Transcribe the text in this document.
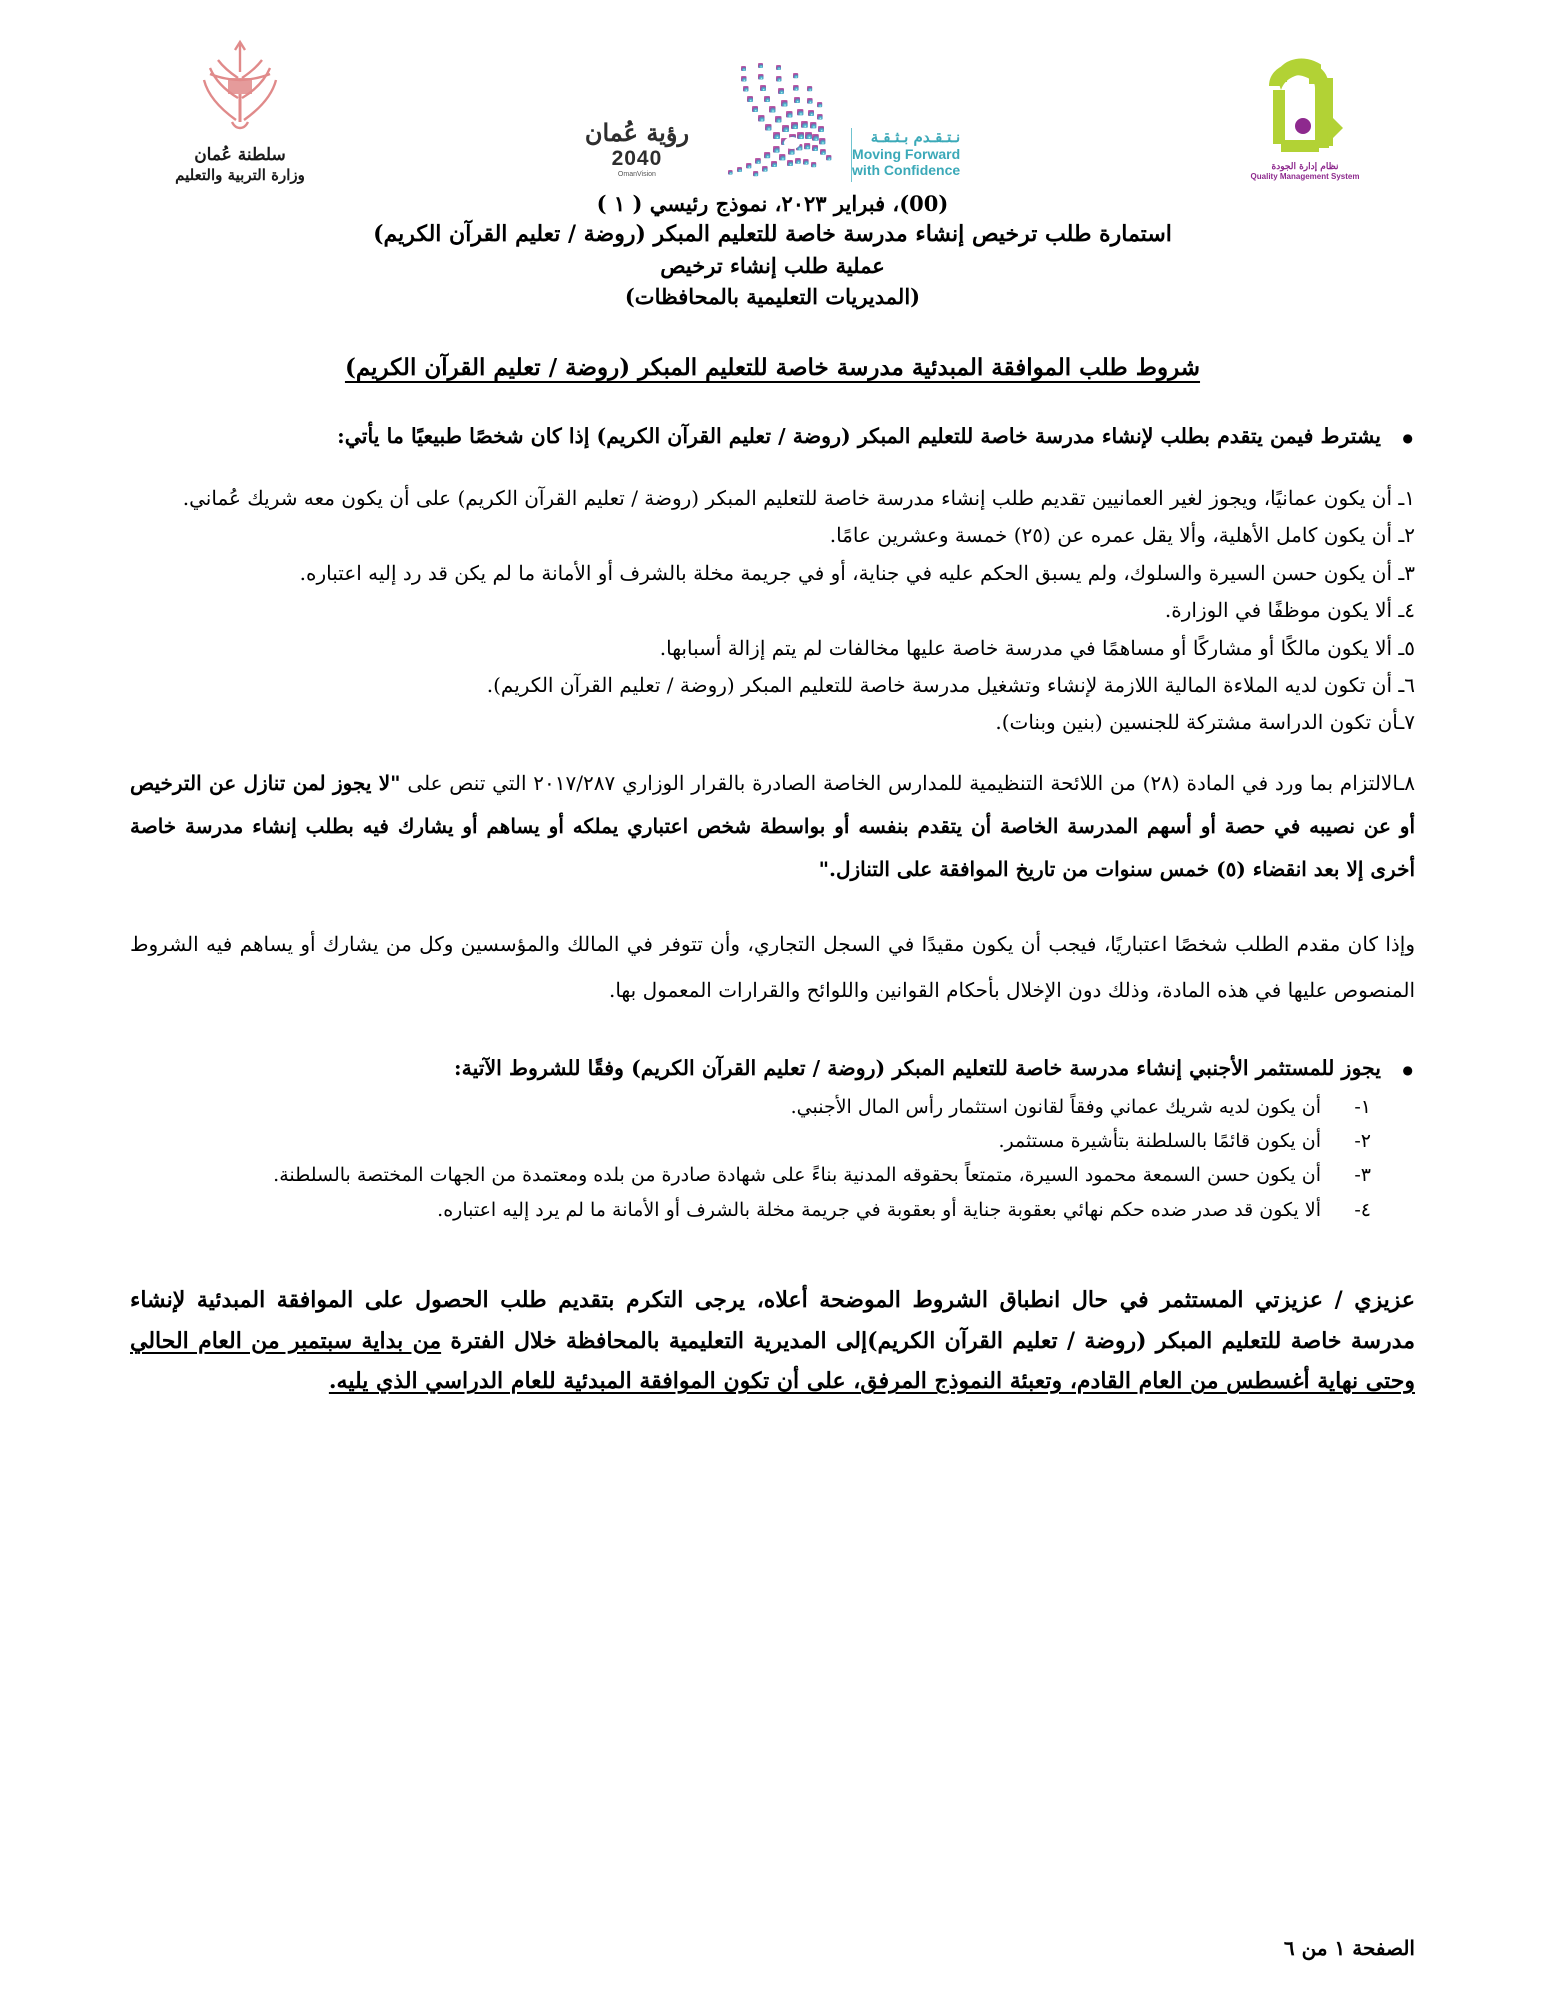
سلطنة عُمان
وزارة التربية والتعليم
رؤية عُمان
2040
OmanVision
نـتـقـدم بـثـقـة
Moving Forward
with Confidence	نظام إدارة الجودة
Quality Management System
(00)، فبراير ٢٠٢٣، نموذج رئيسي ( ١ )
استمارة طلب ترخيص إنشاء مدرسة خاصة للتعليم المبكر (روضة / تعليم القرآن الكريم)
عملية طلب إنشاء ترخيص
(المديريات التعليمية بالمحافظات)
شروط طلب الموافقة المبدئية مدرسة خاصة للتعليم المبكر (روضة / تعليم القرآن الكريم)
● يشترط فيمن يتقدم بطلب لإنشاء مدرسة خاصة للتعليم المبكر (روضة / تعليم القرآن الكريم) إذا كان شخصًا طبيعيًا ما يأتي:
١ـ أن يكون عمانيًا، ويجوز لغير العمانيين تقديم طلب إنشاء مدرسة خاصة للتعليم المبكر (روضة / تعليم القرآن الكريم) على أن يكون معه شريك عُماني.
٢ـ أن يكون كامل الأهلية، وألا يقل عمره عن (٢٥) خمسة وعشرين عامًا.
٣ـ أن يكون حسن السيرة والسلوك، ولم يسبق الحكم عليه في جناية، أو في جريمة مخلة بالشرف أو الأمانة ما لم يكن قد رد إليه اعتباره.
٤ـ ألا يكون موظفًا في الوزارة.
٥ـ ألا يكون مالكًا أو مشاركًا أو مساهمًا في مدرسة خاصة عليها مخالفات لم يتم إزالة أسبابها.
٦ـ أن تكون لديه الملاءة المالية اللازمة لإنشاء وتشغيل مدرسة خاصة للتعليم المبكر (روضة / تعليم القرآن الكريم).
٧ـأن تكون الدراسة مشتركة للجنسين (بنين وبنات).
٨ـالالتزام بما ورد في المادة (٢٨) من اللائحة التنظيمية للمدارس الخاصة الصادرة بالقرار الوزاري ٢٠١٧/٢٨٧ التي تنص على "لا يجوز لمن تنازل عن الترخيص أو عن نصيبه في حصة أو أسهم المدرسة الخاصة أن يتقدم بنفسه أو بواسطة شخص اعتباري يملكه أو يساهم أو يشارك فيه بطلب إنشاء مدرسة خاصة أخرى إلا بعد انقضاء (٥) خمس سنوات من تاريخ الموافقة على التنازل."
وإذا كان مقدم الطلب شخصًا اعتباريًا، فيجب أن يكون مقيدًا في السجل التجاري، وأن تتوفر في المالك والمؤسسين وكل من يشارك أو يساهم فيه الشروط المنصوص عليها في هذه المادة، وذلك دون الإخلال بأحكام القوانين واللوائح والقرارات المعمول بها.
● يجوز للمستثمر الأجنبي إنشاء مدرسة خاصة للتعليم المبكر (روضة / تعليم القرآن الكريم) وفقًا للشروط الآتية:
١-
أن يكون لديه شريك عماني وفقاً لقانون استثمار رأس المال الأجنبي.
٢-
أن يكون قائمًا بالسلطنة بتأشيرة مستثمر.
٣-
أن يكون حسن السمعة محمود السيرة، متمتعاً بحقوقه المدنية بناءً على شهادة صادرة من بلده ومعتمدة من الجهات المختصة بالسلطنة.
٤-
ألا يكون قد صدر ضده حكم نهائي بعقوبة جناية أو بعقوبة في جريمة مخلة بالشرف أو الأمانة ما لم يرد إليه اعتباره.
عزيزي / عزيزتي المستثمر في حال انطباق الشروط الموضحة أعلاه، يرجى التكرم بتقديم طلب الحصول على الموافقة المبدئية لإنشاء مدرسة خاصة للتعليم المبكر (روضة / تعليم القرآن الكريم)إلى المديرية التعليمية بالمحافظة خلال الفترة من بداية سبتمبر من العام الحالي وحتى نهاية أغسطس من العام القادم، وتعبئة النموذج المرفق، على أن تكون الموافقة المبدئية للعام الدراسي الذي يليه.
الصفحة ١ من ٦
